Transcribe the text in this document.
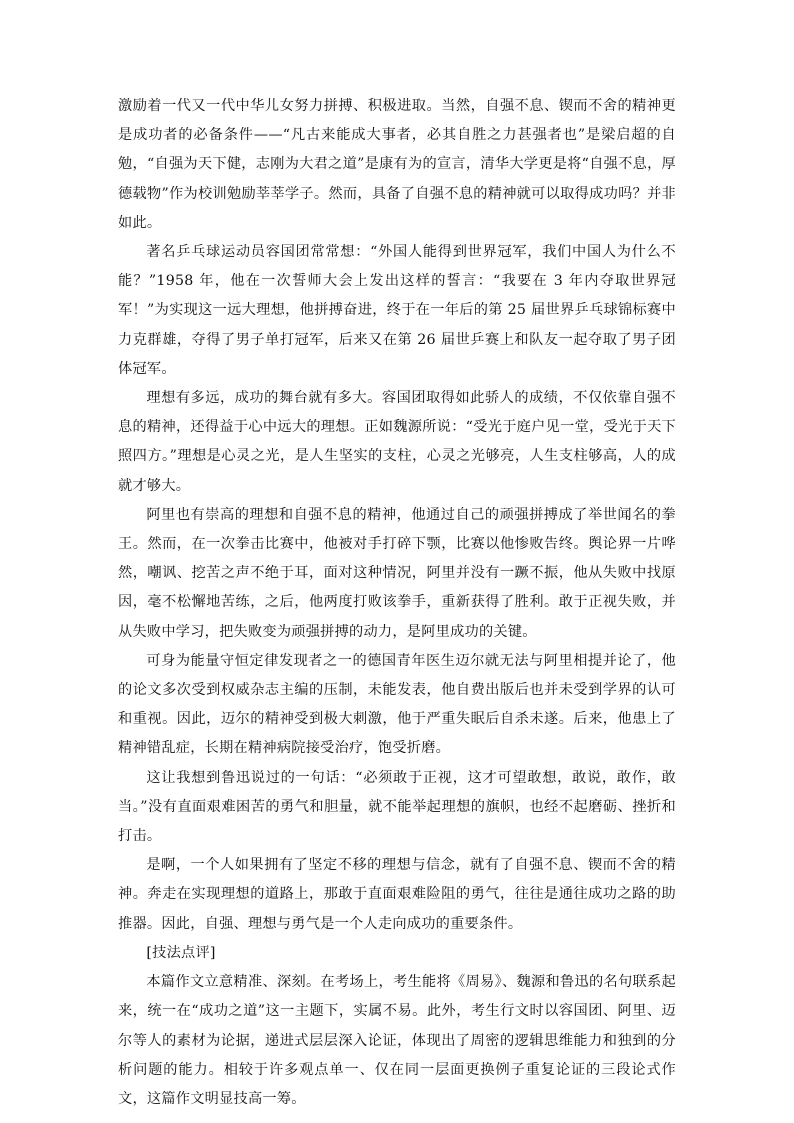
激励着一代又一代中华儿女努力拼搏、积极进取。当然，自强不息、锲而不舍的精神更是成功者的必备条件——“凡古来能成大事者，必其自胜之力甚强者也”是梁启超的自勉，“自强为天下健，志刚为大君之道”是康有为的宣言，清华大学更是将“自强不息，厚德载物”作为校训勉励莘莘学子。然而，具备了自强不息的精神就可以取得成功吗？并非如此。

著名乒乓球运动员容国团常常想：“外国人能得到世界冠军，我们中国人为什么不能？”1958 年，他在一次誓师大会上发出这样的誓言：“我要在 3 年内夺取世界冠军！”为实现这一远大理想，他拼搏奋进，终于在一年后的第 25 届世界乒乓球锦标赛中力克群雄，夺得了男子单打冠军，后来又在第 26 届世乒赛上和队友一起夺取了男子团体冠军。

理想有多远，成功的舞台就有多大。容国团取得如此骄人的成绩，不仅依靠自强不息的精神，还得益于心中远大的理想。正如魏源所说：“受光于庭户见一堂，受光于天下照四方。”理想是心灵之光，是人生坚实的支柱，心灵之光够亮，人生支柱够高，人的成就才够大。

阿里也有崇高的理想和自强不息的精神，他通过自己的顽强拼搏成了举世闻名的拳王。然而，在一次拳击比赛中，他被对手打碎下颚，比赛以他惨败告终。舆论界一片哗然，嘲讽、挖苦之声不绝于耳，面对这种情况，阿里并没有一蹶不振，他从失败中找原因，毫不松懈地苦练，之后，他两度打败该拳手，重新获得了胜利。敢于正视失败，并从失败中学习，把失败变为顽强拼搏的动力，是阿里成功的关键。

可身为能量守恒定律发现者之一的德国青年医生迈尔就无法与阿里相提并论了，他的论文多次受到权威杂志主编的压制，未能发表，他自费出版后也并未受到学界的认可和重视。因此，迈尔的精神受到极大刺激，他于严重失眠后自杀未遂。后来，他患上了精神错乱症，长期在精神病院接受治疗，饱受折磨。

这让我想到鲁迅说过的一句话：“必须敢于正视，这才可望敢想，敢说，敢作，敢当。”没有直面艰难困苦的勇气和胆量，就不能举起理想的旗帜，也经不起磨砺、挫折和打击。

是啊，一个人如果拥有了坚定不移的理想与信念，就有了自强不息、锲而不舍的精神。奔走在实现理想的道路上，那敢于直面艰难险阻的勇气，往往是通往成功之路的助推器。因此，自强、理想与勇气是一个人走向成功的重要条件。

[技法点评]

本篇作文立意精准、深刻。在考场上，考生能将《周易》、魏源和鲁迅的名句联系起来，统一在“成功之道”这一主题下，实属不易。此外，考生行文时以容国团、阿里、迈尔等人的素材为论据，递进式层层深入论证，体现出了周密的逻辑思维能力和独到的分析问题的能力。相较于许多观点单一、仅在同一层面更换例子重复论证的三段论式作文，这篇作文明显技高一筹。
